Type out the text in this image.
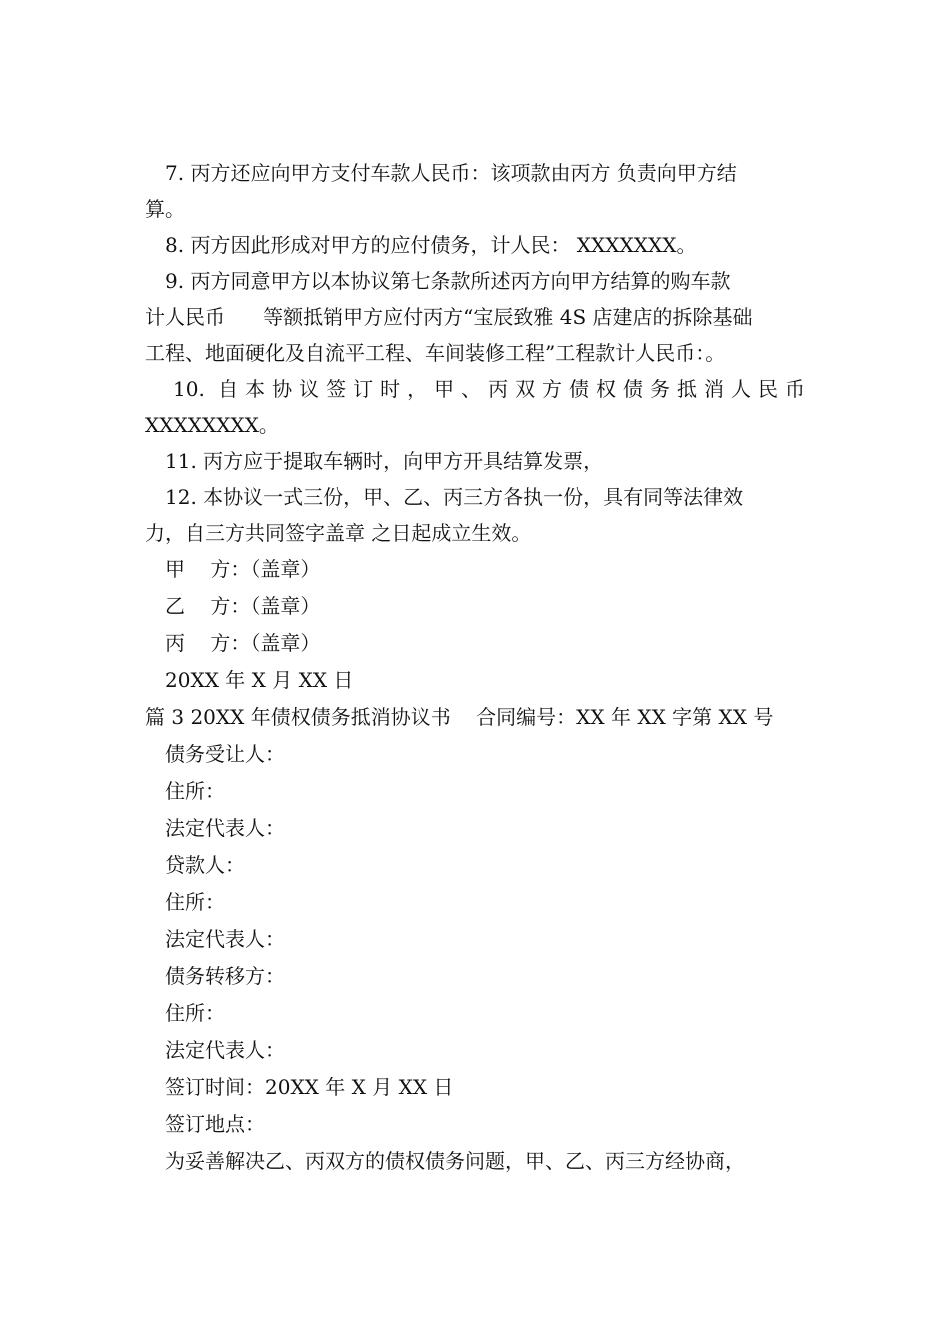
7. 丙方还应向甲方支付车款人民币：该项款由丙方 负责向甲方结

算。

8. 丙方因此形成对甲方的应付债务，计人民： XXXXXXX。

9. 丙方同意甲方以本协议第七条款所述丙方向甲方结算的购车款

计人民币      等额抵销甲方应付丙方“宝辰致雅 4S 店建店的拆除基础

工程、地面硬化及自流平工程、车间装修工程”工程款计人民币：。

10. 自本协议签订时，甲、丙双方债权债务抵消人民币

XXXXXXXX。

11. 丙方应于提取车辆时，向甲方开具结算发票，

12. 本协议一式三份，甲、乙、丙三方各执一份，具有同等法律效

力，自三方共同签字盖章 之日起成立生效。

甲    方：（盖章）
乙    方：（盖章）
丙    方：（盖章）
20XX 年 X 月 XX 日
篇 3 20XX 年债权债务抵消协议书    合同编号：XX 年 XX 字第 XX 号
债务受让人：
住所：
法定代表人：
贷款人：
住所：
法定代表人：
债务转移方：
住所：
法定代表人：
签订时间：20XX 年 X 月 XX 日
签订地点：

为妥善解决乙、丙双方的债权债务问题，甲、乙、丙三方经协商，
